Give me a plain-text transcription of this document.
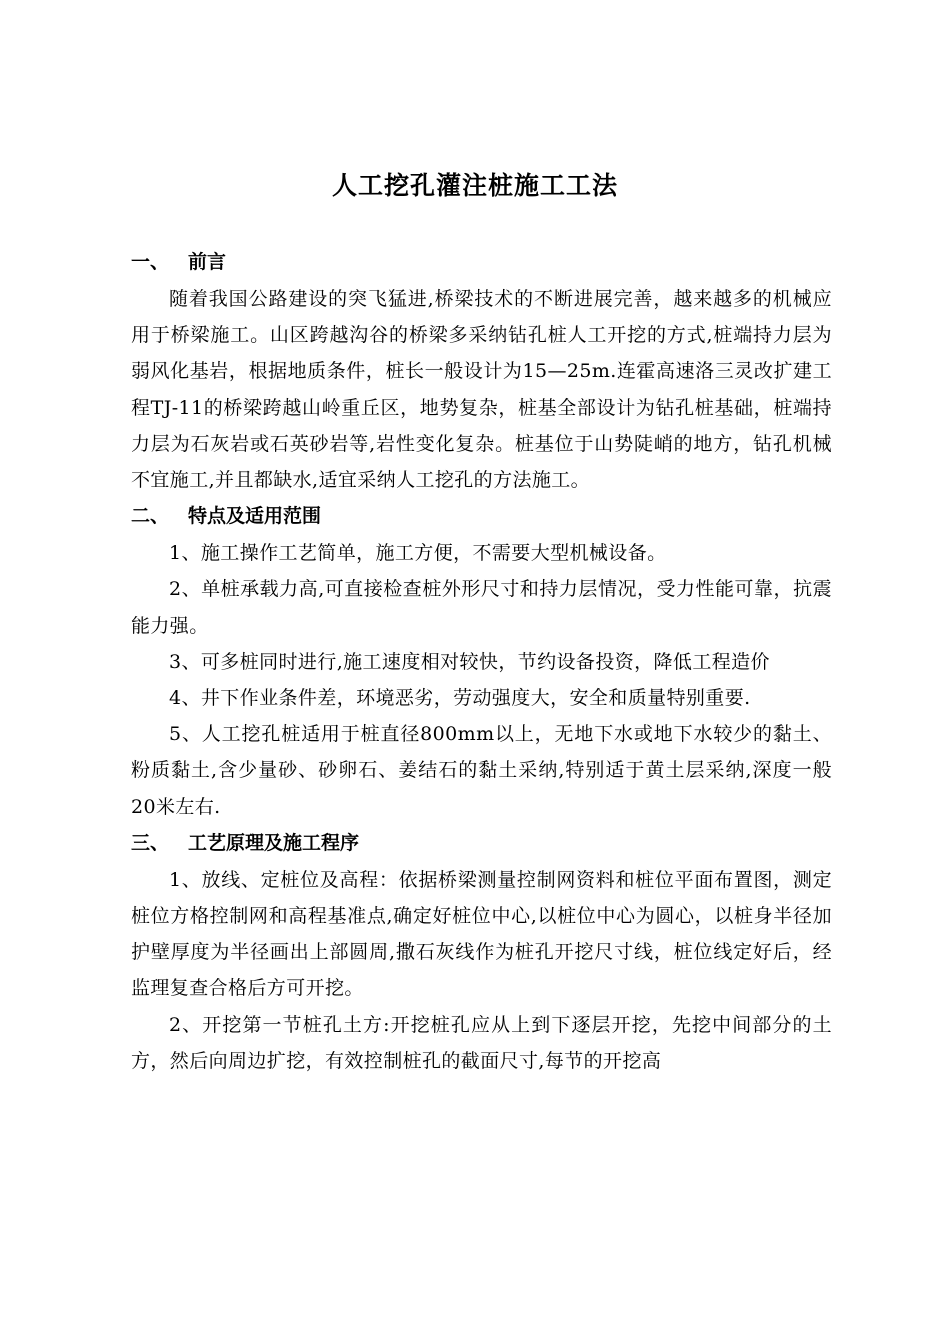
人工挖孔灌注桩施工工法
一、 前言

随着我国公路建设的突飞猛进,桥梁技术的不断进展完善，越来越多的机械应用于桥梁施工。山区跨越沟谷的桥梁多采纳钻孔桩人工开挖的方式,桩端持力层为弱风化基岩，根据地质条件，桩长一般设计为15—25m.连霍高速洛三灵改扩建工程TJ-11的桥梁跨越山岭重丘区，地势复杂，桩基全部设计为钻孔桩基础，桩端持力层为石灰岩或石英砂岩等,岩性变化复杂。桩基位于山势陡峭的地方，钻孔机械不宜施工,并且都缺水,适宜采纳人工挖孔的方法施工。

二、 特点及适用范围

1、施工操作工艺简单，施工方便，不需要大型机械设备。

2、单桩承载力高,可直接检查桩外形尺寸和持力层情况，受力性能可靠，抗震能力强。

3、可多桩同时进行,施工速度相对较快，节约设备投资，降低工程造价

4、井下作业条件差，环境恶劣，劳动强度大，安全和质量特别重要.

5、人工挖孔桩适用于桩直径800mm以上，无地下水或地下水较少的黏土、粉质黏土,含少量砂、砂卵石、姜结石的黏土采纳,特别适于黄土层采纳,深度一般20米左右.

三、 工艺原理及施工程序

1、放线、定桩位及高程：依据桥梁测量控制网资料和桩位平面布置图，测定桩位方格控制网和高程基准点,确定好桩位中心,以桩位中心为圆心，以桩身半径加护壁厚度为半径画出上部圆周,撒石灰线作为桩孔开挖尺寸线，桩位线定好后，经监理复查合格后方可开挖。

2、开挖第一节桩孔土方:开挖桩孔应从上到下逐层开挖，先挖中间部分的土方，然后向周边扩挖，有效控制桩孔的截面尺寸,每节的开挖高
